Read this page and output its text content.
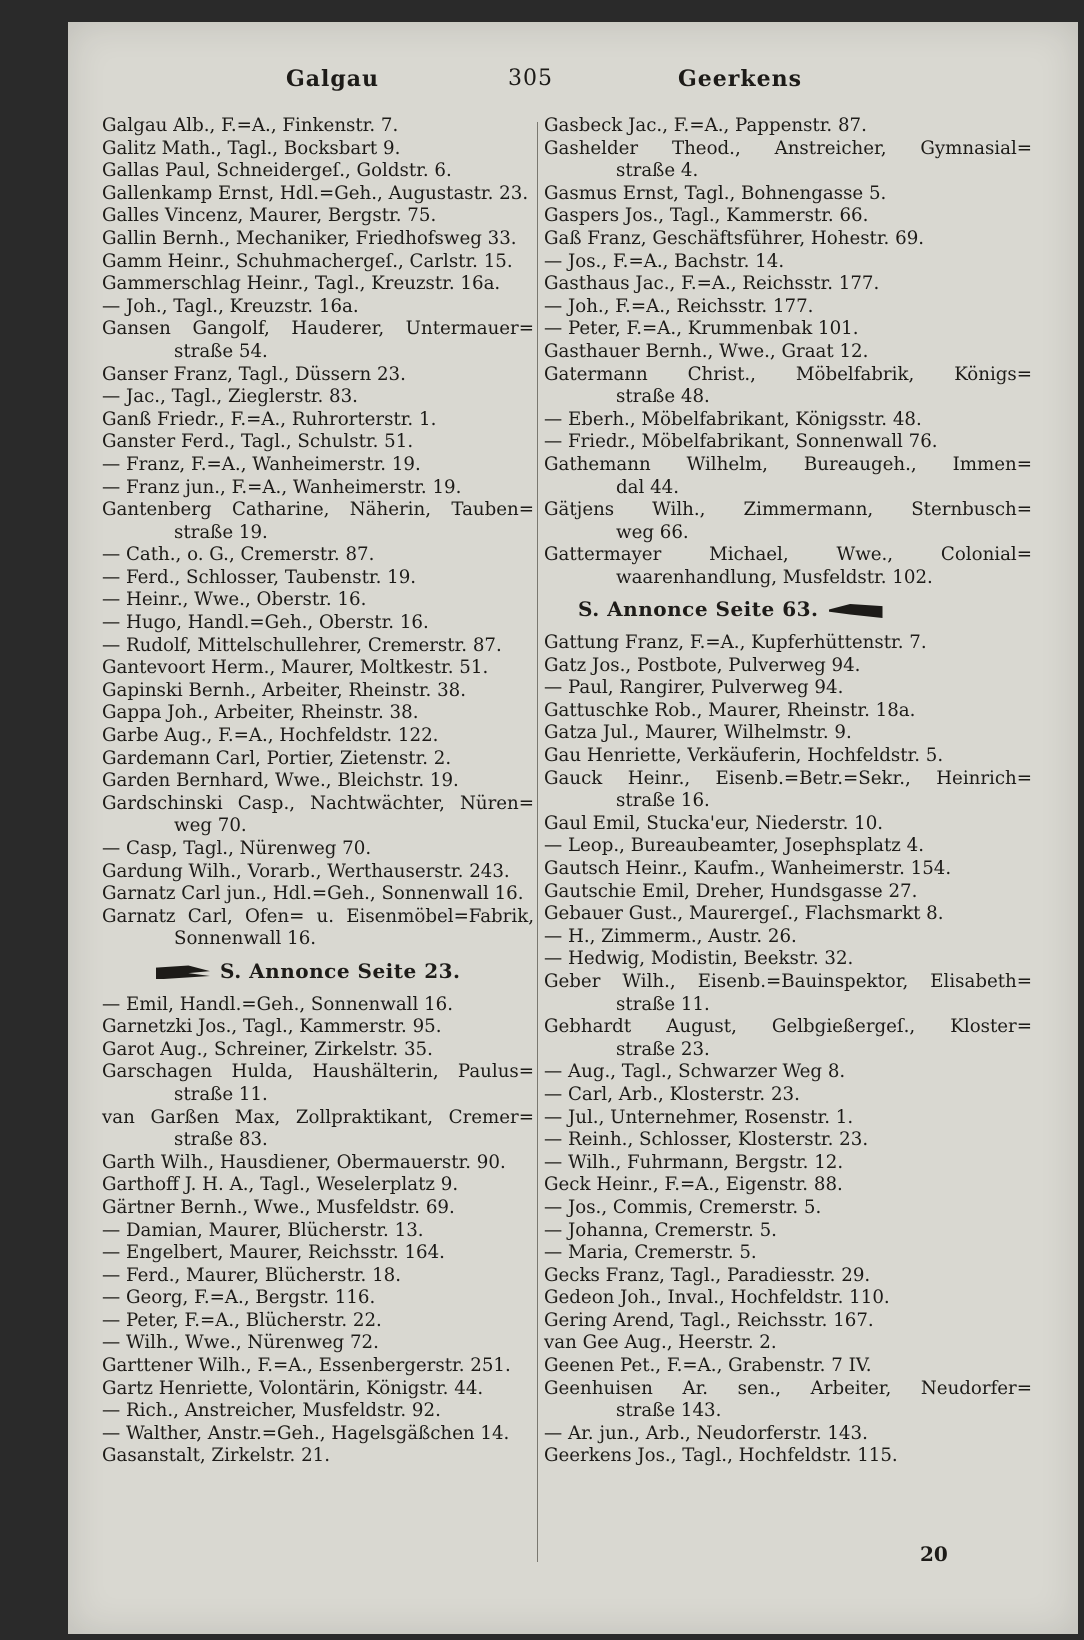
Galgau	305	Geerkens
Galgau Alb., F.=A., Finkenstr. 7.
Galitz Math., Tagl., Bocksbart 9.
Gallas Paul, Schneidergeſ., Goldstr. 6.
Gallenkamp Ernst, Hdl.=Geh., Augustastr. 23.
Galles Vincenz, Maurer, Bergstr. 75.
Gallin Bernh., Mechaniker, Friedhofsweg 33.
Gamm Heinr., Schuhmachergeſ., Carlstr. 15.
Gammerschlag Heinr., Tagl., Kreuzstr. 16a.
— Joh., Tagl., Kreuzstr. 16a.
Gansen Gangolf, Hauderer, Untermauer=
straße 54.
Ganser Franz, Tagl., Düssern 23.
— Jac., Tagl., Zieglerstr. 83.
Ganß Friedr., F.=A., Ruhrorterstr. 1.
Ganster Ferd., Tagl., Schulstr. 51.
— Franz, F.=A., Wanheimerstr. 19.
— Franz jun., F.=A., Wanheimerstr. 19.
Gantenberg Catharine, Näherin, Tauben=
straße 19.
— Cath., o. G., Cremerstr. 87.
— Ferd., Schlosser, Taubenstr. 19.
— Heinr., Wwe., Oberstr. 16.
— Hugo, Handl.=Geh., Oberstr. 16.
— Rudolf, Mittelschullehrer, Cremerstr. 87.
Gantevoort Herm., Maurer, Moltkestr. 51.
Gapinski Bernh., Arbeiter, Rheinstr. 38.
Gappa Joh., Arbeiter, Rheinstr. 38.
Garbe Aug., F.=A., Hochfeldstr. 122.
Gardemann Carl, Portier, Zietenstr. 2.
Garden Bernhard, Wwe., Bleichstr. 19.
Gardschinski Casp., Nachtwächter, Nüren=
weg 70.
— Casp, Tagl., Nürenweg 70.
Gardung Wilh., Vorarb., Werthauserstr. 243.
Garnatz Carl jun., Hdl.=Geh., Sonnenwall 16.
Garnatz Carl, Ofen= u. Eisenmöbel=Fabrik,
Sonnenwall 16.
S. Annonce Seite 23.
— Emil, Handl.=Geh., Sonnenwall 16.
Garnetzki Jos., Tagl., Kammerstr. 95.
Garot Aug., Schreiner, Zirkelstr. 35.
Garschagen Hulda, Haushälterin, Paulus=
straße 11.
van Garßen Max, Zollpraktikant, Cremer=
straße 83.
Garth Wilh., Hausdiener, Obermauerstr. 90.
Garthoff J. H. A., Tagl., Weselerplatz 9.
Gärtner Bernh., Wwe., Musfeldstr. 69.
— Damian, Maurer, Blücherstr. 13.
— Engelbert, Maurer, Reichsstr. 164.
— Ferd., Maurer, Blücherstr. 18.
— Georg, F.=A., Bergstr. 116.
— Peter, F.=A., Blücherstr. 22.
— Wilh., Wwe., Nürenweg 72.
Garttener Wilh., F.=A., Essenbergerstr. 251.
Gartz Henriette, Volontärin, Königstr. 44.
— Rich., Anstreicher, Musfeldstr. 92.
— Walther, Anstr.=Geh., Hagelsgäßchen 14.
Gasanstalt, Zirkelstr. 21.
Gasbeck Jac., F.=A., Pappenstr. 87.
Gashelder Theod., Anstreicher, Gymnasial=
straße 4.
Gasmus Ernst, Tagl., Bohnengasse 5.
Gaspers Jos., Tagl., Kammerstr. 66.
Gaß Franz, Geschäftsführer, Hohestr. 69.
— Jos., F.=A., Bachstr. 14.
Gasthaus Jac., F.=A., Reichsstr. 177.
— Joh., F.=A., Reichsstr. 177.
— Peter, F.=A., Krummenbak 101.
Gasthauer Bernh., Wwe., Graat 12.
Gatermann Christ., Möbelfabrik, Königs=
straße 48.
— Eberh., Möbelfabrikant, Königsstr. 48.
— Friedr., Möbelfabrikant, Sonnenwall 76.
Gathemann Wilhelm, Bureaugeh., Immen=
dal 44.
Gätjens Wilh., Zimmermann, Sternbusch=
weg 66.
Gattermayer Michael, Wwe., Colonial=
waarenhandlung, Musfeldstr. 102.
S. Annonce Seite 63.
Gattung Franz, F.=A., Kupferhüttenstr. 7.
Gatz Jos., Postbote, Pulverweg 94.
— Paul, Rangirer, Pulverweg 94.
Gattuschke Rob., Maurer, Rheinstr. 18a.
Gatza Jul., Maurer, Wilhelmstr. 9.
Gau Henriette, Verkäuferin, Hochfeldstr. 5.
Gauck Heinr., Eisenb.=Betr.=Sekr., Heinrich=
straße 16.
Gaul Emil, Stucka'eur, Niederstr. 10.
— Leop., Bureaubeamter, Josephsplatz 4.
Gautsch Heinr., Kaufm., Wanheimerstr. 154.
Gautschie Emil, Dreher, Hundsgasse 27.
Gebauer Gust., Maurergeſ., Flachsmarkt 8.
— H., Zimmerm., Austr. 26.
— Hedwig, Modistin, Beekstr. 32.
Geber Wilh., Eisenb.=Bauinspektor, Elisabeth=
straße 11.
Gebhardt August, Gelbgießergeſ., Kloster=
straße 23.
— Aug., Tagl., Schwarzer Weg 8.
— Carl, Arb., Klosterstr. 23.
— Jul., Unternehmer, Rosenstr. 1.
— Reinh., Schlosser, Klosterstr. 23.
— Wilh., Fuhrmann, Bergstr. 12.
Geck Heinr., F.=A., Eigenstr. 88.
— Jos., Commis, Cremerstr. 5.
— Johanna, Cremerstr. 5.
— Maria, Cremerstr. 5.
Gecks Franz, Tagl., Paradiesstr. 29.
Gedeon Joh., Inval., Hochfeldstr. 110.
Gering Arend, Tagl., Reichsstr. 167.
van Gee Aug., Heerstr. 2.
Geenen Pet., F.=A., Grabenstr. 7 IV.
Geenhuisen Ar. sen., Arbeiter, Neudorfer=
straße 143.
— Ar. jun., Arb., Neudorferstr. 143.
Geerkens Jos., Tagl., Hochfeldstr. 115.
20
